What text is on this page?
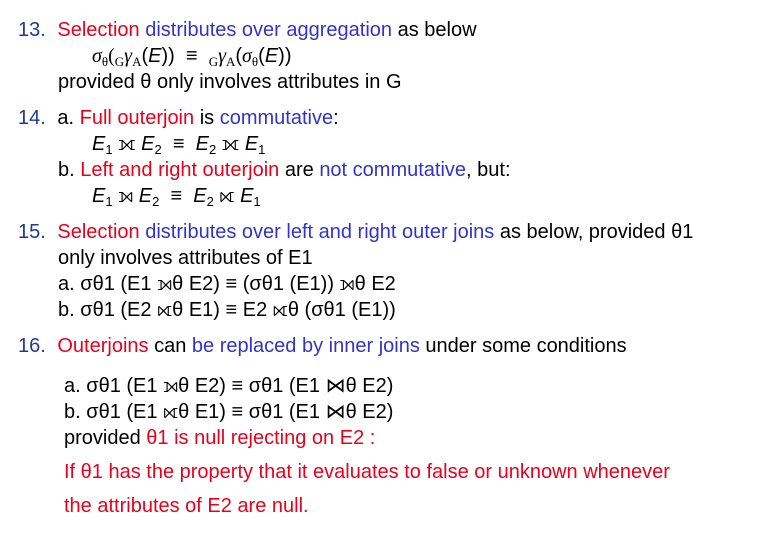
13. Selection distributes over aggregation as below
$\sigma_\theta(_G\gamma_A(E)) \equiv _G\gamma_A(\sigma_\theta(E))$
provided θ only involves attributes in G
14. a. Full outerjoin is commutative:
$E_1$ ⟗ $E_2 \equiv E_2$ ⟗ $E_1$
b. Left and right outerjoin are not commutative, but:
$E_1$ ⟕ $E_2 \equiv E_2$ ⟖ $E_1$
15. Selection distributes over left and right outer joins as below, provided θ1
only involves attributes of E1
a. σθ1 (E1 ⟕θ E2) ≡ (σθ1 (E1)) ⟕θ E2
b. σθ1 (E2 ⟖θ E1) ≡ E2 ⟖θ (σθ1 (E1))
16. Outerjoins can be replaced by inner joins under some conditions
a. σθ1 (E1 ⟕θ E2) ≡ σθ1 (E1 ⋈θ E2)
b. σθ1 (E1 ⟖θ E1) ≡ σθ1 (E1 ⋈θ E2)
provided θ1 is null rejecting on E2 :
If θ1 has the property that it evaluates to false or unknown whenever
the attributes of E2 are null.
